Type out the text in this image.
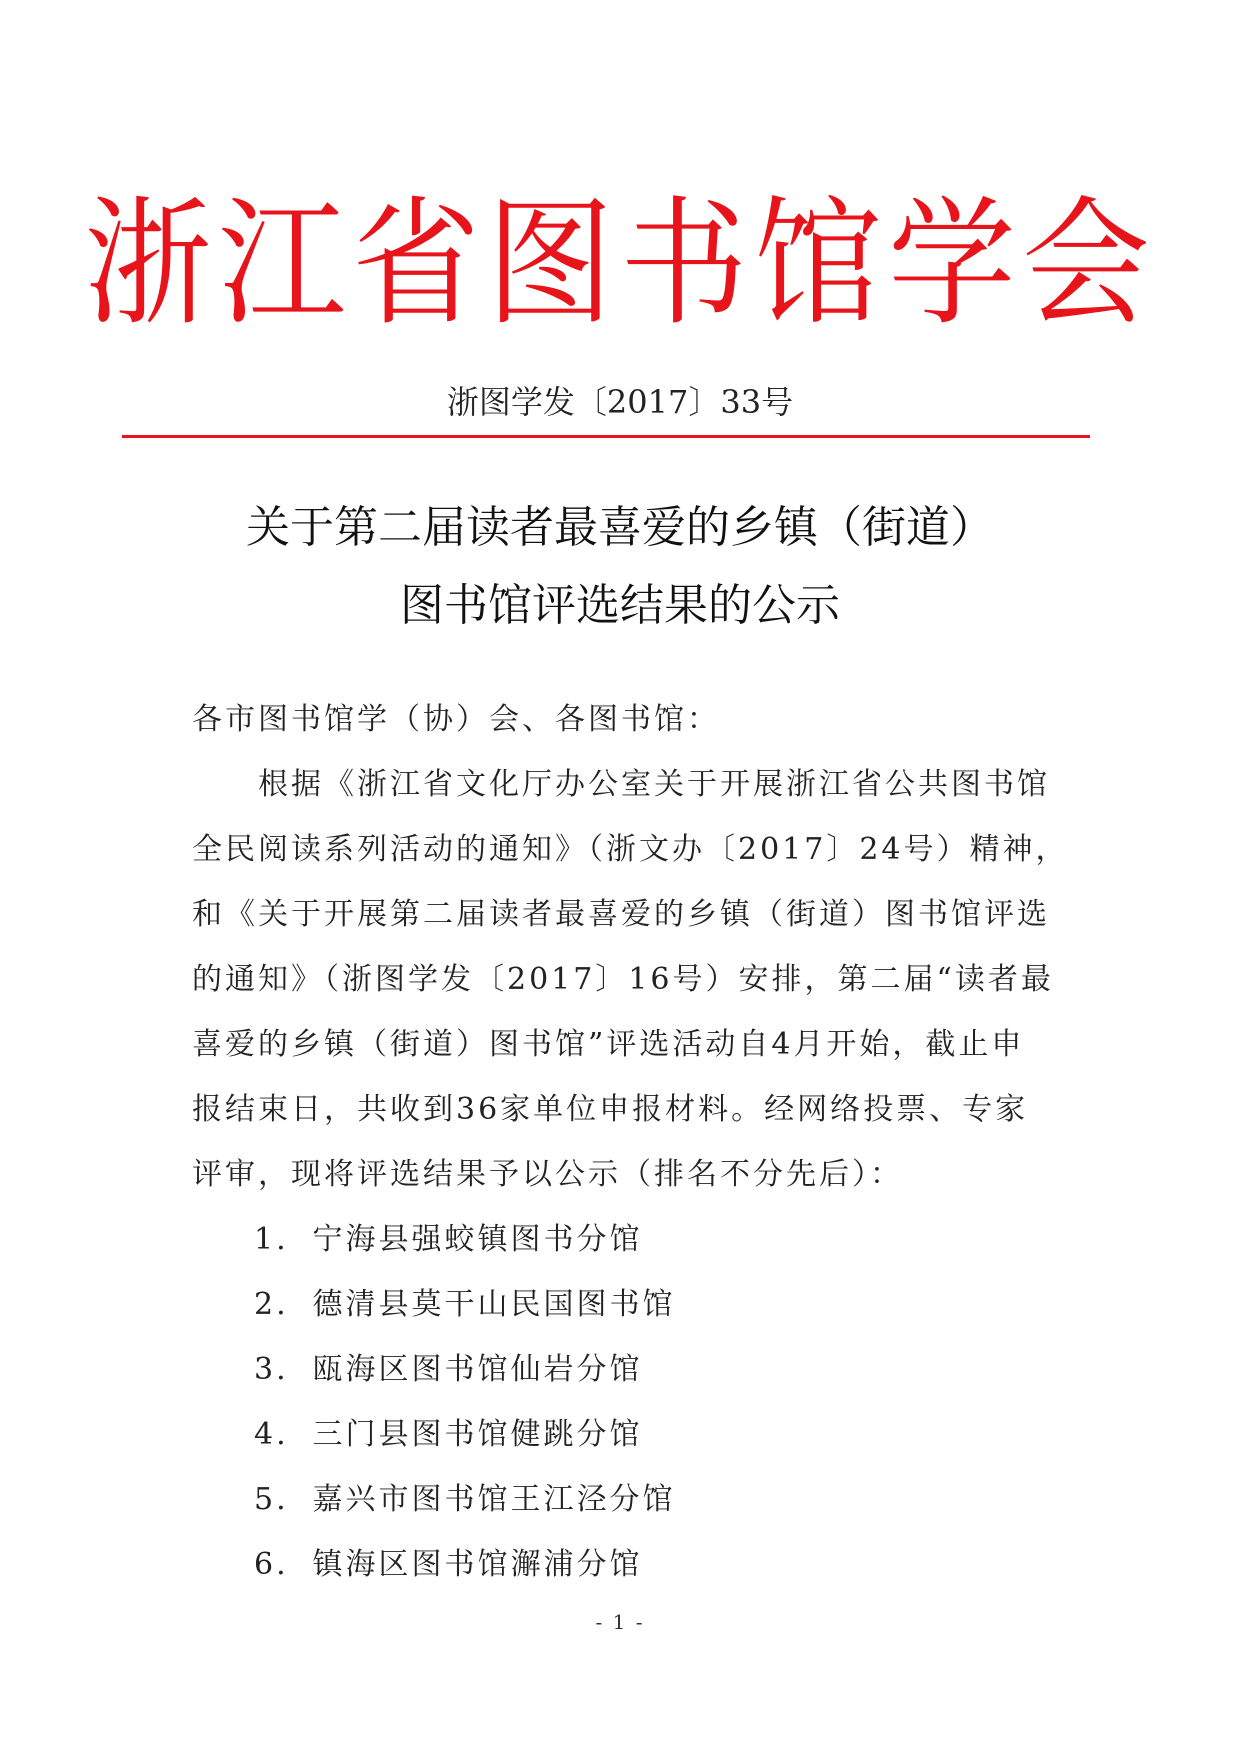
浙江省图书馆学会
浙图学发〔2017〕33号
关于第二届读者最喜爱的乡镇（街道）
图书馆评选结果的公示
各市图书馆学（协）会、各图书馆：
　　根据《浙江省文化厅办公室关于开展浙江省公共图书馆
全民阅读系列活动的通知》（浙文办〔2017〕24号）精神，
和《关于开展第二届读者最喜爱的乡镇（街道）图书馆评选
的通知》（浙图学发〔2017〕16号）安排，第二届“读者最
喜爱的乡镇（街道）图书馆”评选活动自4月开始，截止申
报结束日，共收到36家单位申报材料。经网络投票、专家
评审，现将评选结果予以公示（排名不分先后）：
1. 宁海县强蛟镇图书分馆
2. 德清县莫干山民国图书馆
3. 瓯海区图书馆仙岩分馆
4. 三门县图书馆健跳分馆
5. 嘉兴市图书馆王江泾分馆
6. 镇海区图书馆澥浦分馆
- 1 -
